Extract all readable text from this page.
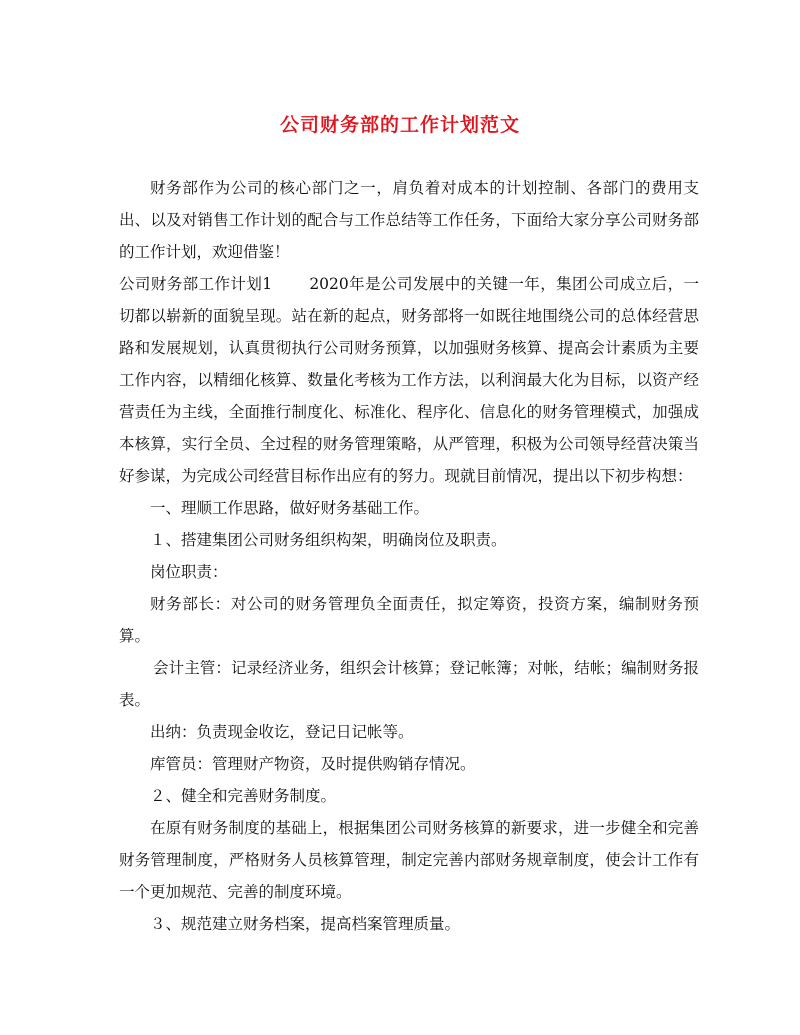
公司财务部的工作计划范文

财务部作为公司的核心部门之一，肩负着对成本的计划控制、各部门的费用支出、以及对销售工作计划的配合与工作总结等工作任务，下面给大家分享公司财务部的工作计划，欢迎借鉴！

公司财务部工作计划1 　　2020年是公司发展中的关键一年，集团公司成立后，一切都以崭新的面貌呈现。站在新的起点，财务部将一如既往地围绕公司的总体经营思路和发展规划，认真贯彻执行公司财务预算，以加强财务核算、提高会计素质为主要工作内容，以精细化核算、数量化考核为工作方法，以利润最大化为目标，以资产经营责任为主线，全面推行制度化、标准化、程序化、信息化的财务管理模式，加强成本核算，实行全员、全过程的财务管理策略，从严管理，积极为公司领导经营决策当好参谋，为完成公司经营目标作出应有的努力。现就目前情况，提出以下初步构想：

一、理顺工作思路，做好财务基础工作。

１、搭建集团公司财务组织构架，明确岗位及职责。

岗位职责：

财务部长：对公司的财务管理负全面责任，拟定筹资，投资方案，编制财务预算。

会计主管：记录经济业务，组织会计核算；登记帐簿；对帐，结帐；编制财务报表。

出纳：负责现金收讫，登记日记帐等。

库管员：管理财产物资，及时提供购销存情况。

２、健全和完善财务制度。

在原有财务制度的基础上，根据集团公司财务核算的新要求，进一步健全和完善财务管理制度，严格财务人员核算管理，制定完善内部财务规章制度，使会计工作有一个更加规范、完善的制度环境。

３、规范建立财务档案，提高档案管理质量。
